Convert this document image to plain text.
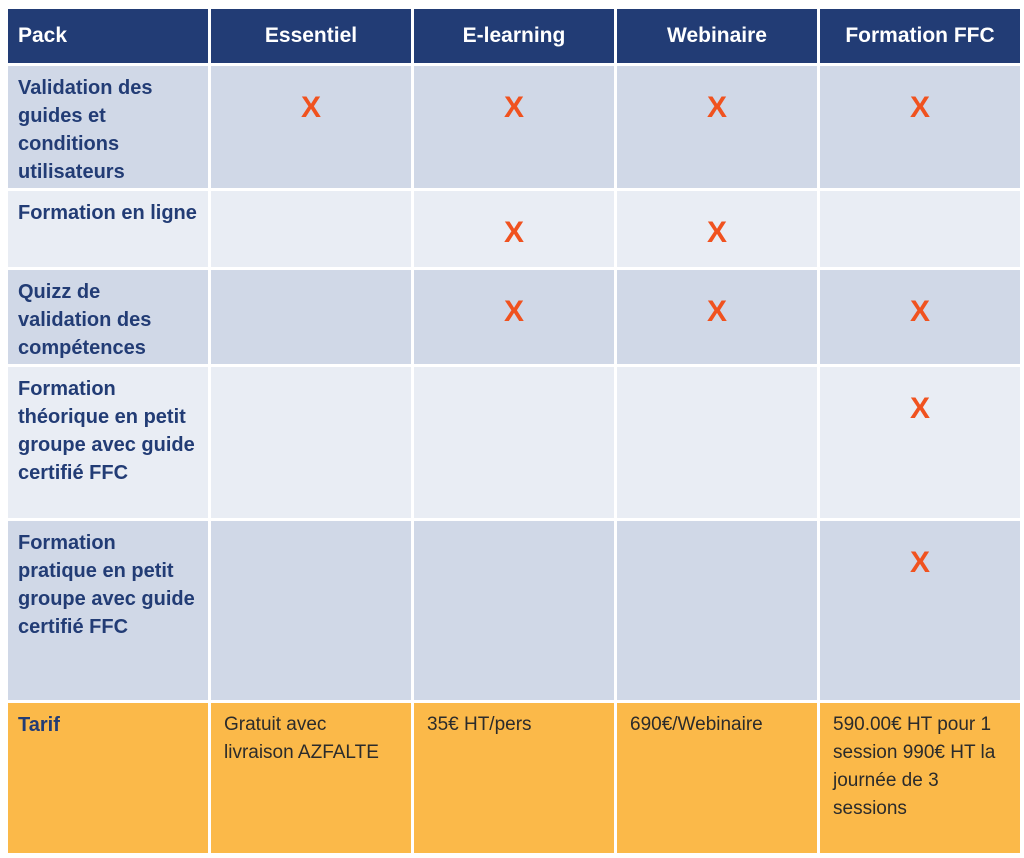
Pack	Essentiel	E-learning	Webinaire	Formation FFC
Validation des guides et conditions utilisateurs	X	X	X	X
Formation en ligne		X	X	
Quizz de validation des compétences		X	X	X
Formation théorique en petit groupe avec guide certifié FFC				X
Formation pratique en petit groupe avec guide certifié FFC				X
Tarif	Gratuit avec livraison AZFALTE	35€ HT/pers	690€/Webinaire	590.00€ HT pour 1 session 990€ HT la journée de 3 sessions
